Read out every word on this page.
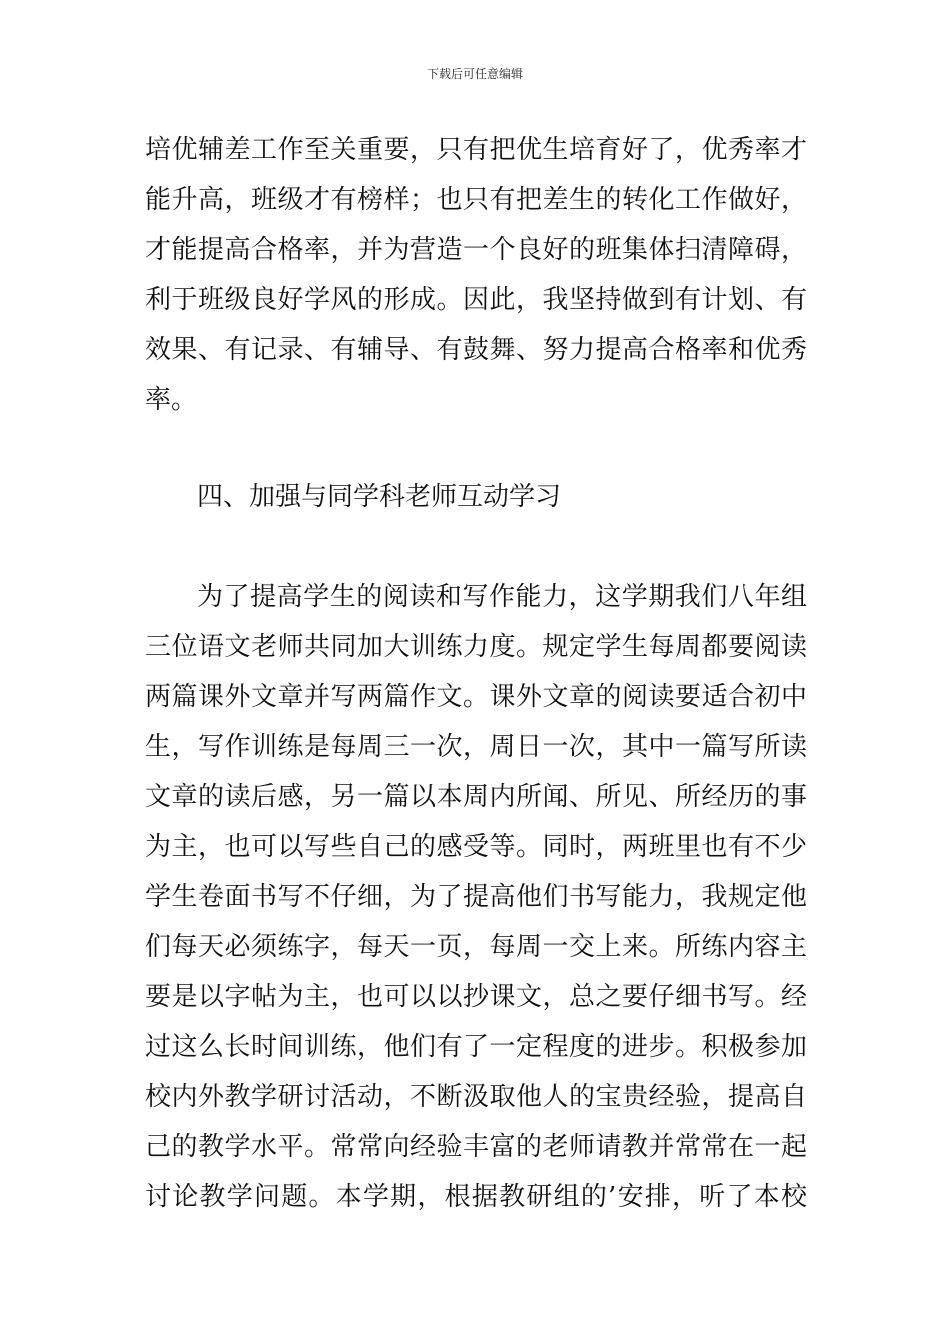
下载后可任意编辑
培优辅差工作至关重要，只有把优生培育好了，优秀率才
能升高，班级才有榜样；也只有把差生的转化工作做好，
才能提高合格率，并为营造一个良好的班集体扫清障碍，
利于班级良好学风的形成。因此，我坚持做到有计划、有
效果、有记录、有辅导、有鼓舞、努力提高合格率和优秀
率。
四、加强与同学科老师互动学习
为了提高学生的阅读和写作能力，这学期我们八年组
三位语文老师共同加大训练力度。规定学生每周都要阅读
两篇课外文章并写两篇作文。课外文章的阅读要适合初中
生，写作训练是每周三一次，周日一次，其中一篇写所读
文章的读后感，另一篇以本周内所闻、所见、所经历的事
为主，也可以写些自己的感受等。同时，两班里也有不少
学生卷面书写不仔细，为了提高他们书写能力，我规定他
们每天必须练字，每天一页，每周一交上来。所练内容主
要是以字帖为主，也可以以抄课文，总之要仔细书写。经
过这么长时间训练，他们有了一定程度的进步。积极参加
校内外教学研讨活动，不断汲取他人的宝贵经验，提高自
己的教学水平。常常向经验丰富的老师请教并常常在一起
讨论教学问题。本学期，根据教研组的’安排，听了本校
